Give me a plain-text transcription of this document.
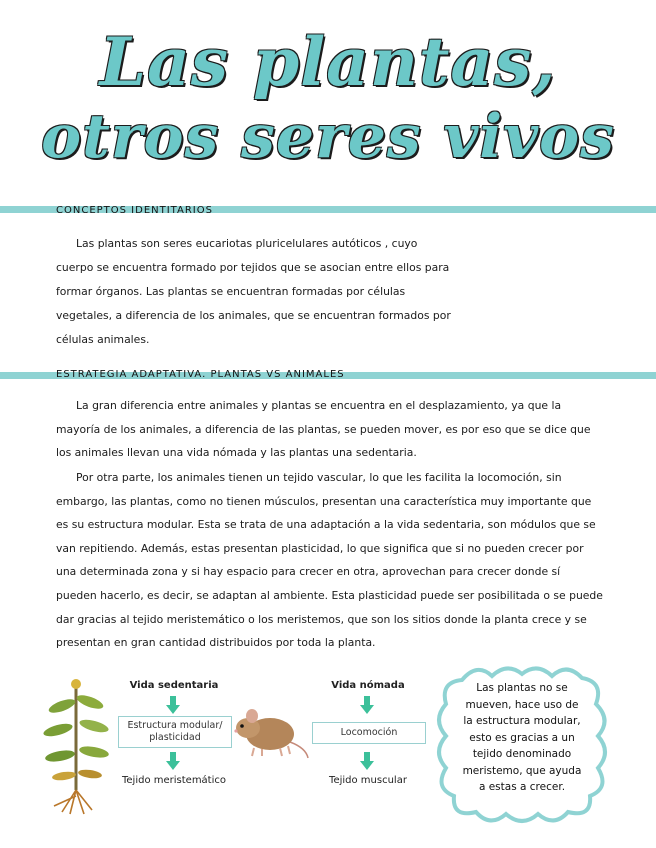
Las plantas,
otros seres vivos
CONCEPTOS IDENTITARIOS

Las plantas son seres eucariotas pluricelulares autóticos , cuyo cuerpo se encuentra formado por tejidos que se asocian entre ellos para formar órganos. Las plantas se encuentran formadas por células vegetales, a diferencia de los animales, que se encuentran formados por células animales.

ESTRATEGIA ADAPTATIVA. PLANTAS VS ANIMALES

La gran diferencia entre animales y plantas se encuentra en el desplazamiento, ya que la mayoría de los animales, a diferencia de las plantas, se pueden mover, es por eso que se dice que los animales llevan una vida nómada y las plantas una sedentaria.

Por otra parte, los animales tienen un tejido vascular, lo que les facilita la locomoción, sin embargo, las plantas, como no tienen músculos, presentan una característica muy importante que es su estructura modular. Esta se trata de una adaptación a la vida sedentaria, son módulos que se van repitiendo. Además, estas presentan plasticidad, lo que significa que si no pueden crecer por una determinada zona y si hay espacio para crecer en otra, aprovechan para crecer donde sí pueden hacerlo, es decir, se adaptan al ambiente. Esta plasticidad puede ser posibilitada o se puede dar gracias al tejido meristemático o los meristemos, que son los sitios donde la planta crece y se presentan en gran cantidad distribuidos por toda la planta.

Vida sedentaria
Estructura modular/ plasticidad
Tejido meristemático
Vida nómada
Locomoción
Tejido muscular
Las plantas no se mueven, hace uso de la estructura modular, esto es gracias a un tejido denominado meristemo, que ayuda a estas a crecer.
